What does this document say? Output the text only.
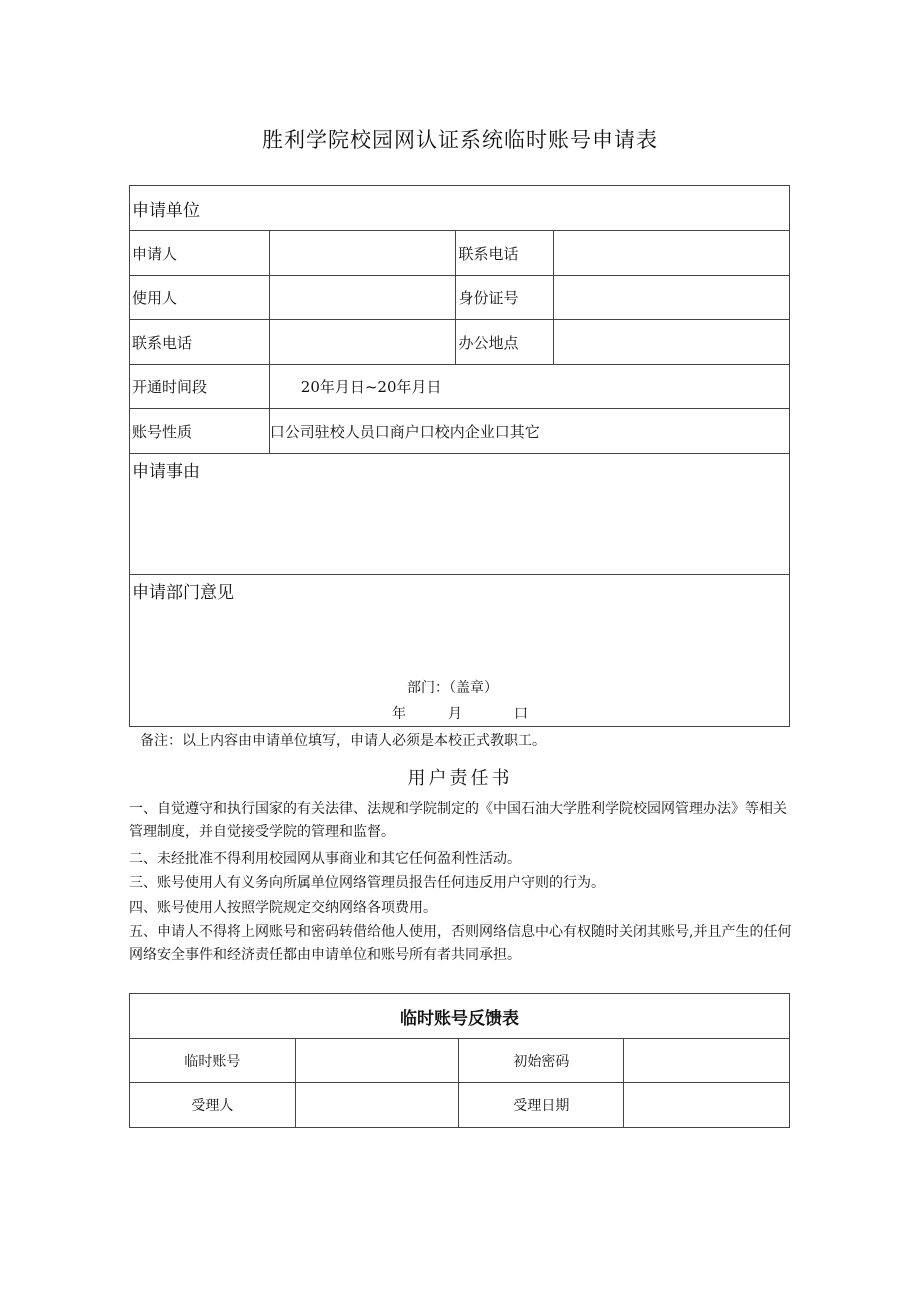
胜利学院校园网认证系统临时账号申请表
申请单位			
申请人		联系电话	
使用人		身份证号	
联系电话		办公地点	
开通时间段	20年月日~20年月日		
账号性质	口公司驻校人员口商户口校内企业口其它		
申请事由			
申请部门意见
部门：（盖章）
年 月 口			
备注：以上内容由申请单位填写，申请人必须是本校正式教职工。
用户责任书
一、自觉遵守和执行国家的有关法律、法规和学院制定的《中国石油大学胜利学院校园网管理办法》等相关管理制度，并自觉接受学院的管理和监督。
二、未经批准不得利用校园网从事商业和其它任何盈利性活动。
三、账号使用人有义务向所属单位网络管理员报告任何违反用户守则的行为。
四、账号使用人按照学院规定交纳网络各项费用。
五、申请人不得将上网账号和密码转借给他人使用，否则网络信息中心有权随时关闭其账号,并且产生的任何网络安全事件和经济责任都由申请单位和账号所有者共同承担。
临时账号反馈表			
临时账号		初始密码	
受理人		受理日期	
